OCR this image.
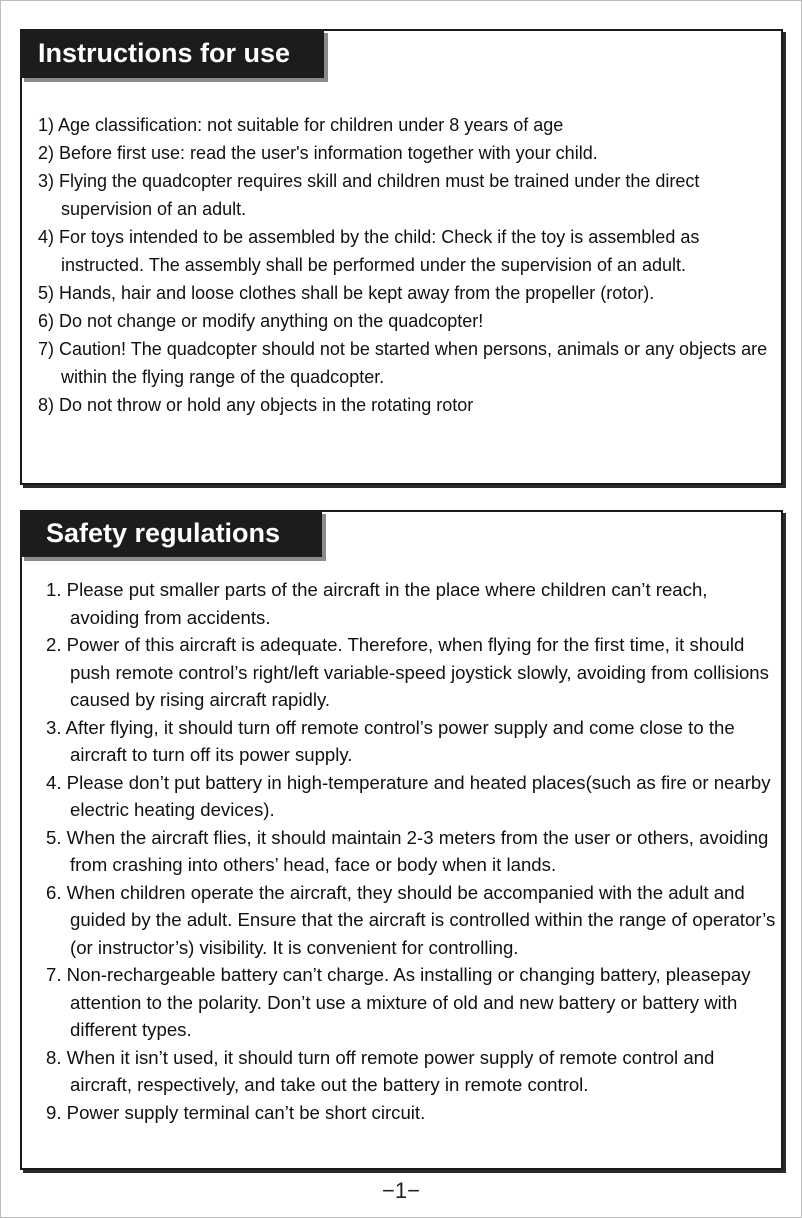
Instructions for use
1) Age classification: not suitable for children under 8 years of age
2) Before first use: read the user's information together with your child.
3) Flying the quadcopter requires skill and children must be trained under the direct supervision of an adult.
4) For toys intended to be assembled by the child: Check if the toy is assembled as instructed. The assembly shall be performed under the supervision of an adult.
5) Hands, hair and loose clothes shall be kept away from the propeller (rotor).
6) Do not change or modify anything on the quadcopter!
7) Caution! The quadcopter should not be started when persons, animals or any objects are within the flying range of the quadcopter.
8) Do not throw or hold any objects in the rotating rotor
Safety regulations
1. Please put smaller parts of the aircraft in the place where children can’t reach, avoiding from accidents.
2. Power of this aircraft is adequate. Therefore, when flying for the first time, it should push remote control’s right/left variable-speed joystick slowly, avoiding from collisions caused by rising aircraft rapidly.
3. After flying, it should turn off remote control’s power supply and come close to the aircraft to turn off its power supply.
4. Please don’t put battery in high-temperature and heated places(such as fire or nearby electric heating devices).
5. When the aircraft flies, it should maintain 2-3 meters from the user or others, avoiding from crashing into others’ head, face or body when it lands.
6. When children operate the aircraft, they should be accompanied with the adult and guided by the adult. Ensure that the aircraft is controlled within the range of operator’s (or instructor’s) visibility. It is convenient for controlling.
7. Non-rechargeable battery can’t charge. As installing or changing battery, pleasepay attention to the polarity. Don’t use a mixture of old and new battery or battery with different types.
8. When it isn’t used, it should turn off remote power supply of remote control and aircraft, respectively, and take out the battery in remote control.
9. Power supply terminal can’t be short circuit.
−1−
